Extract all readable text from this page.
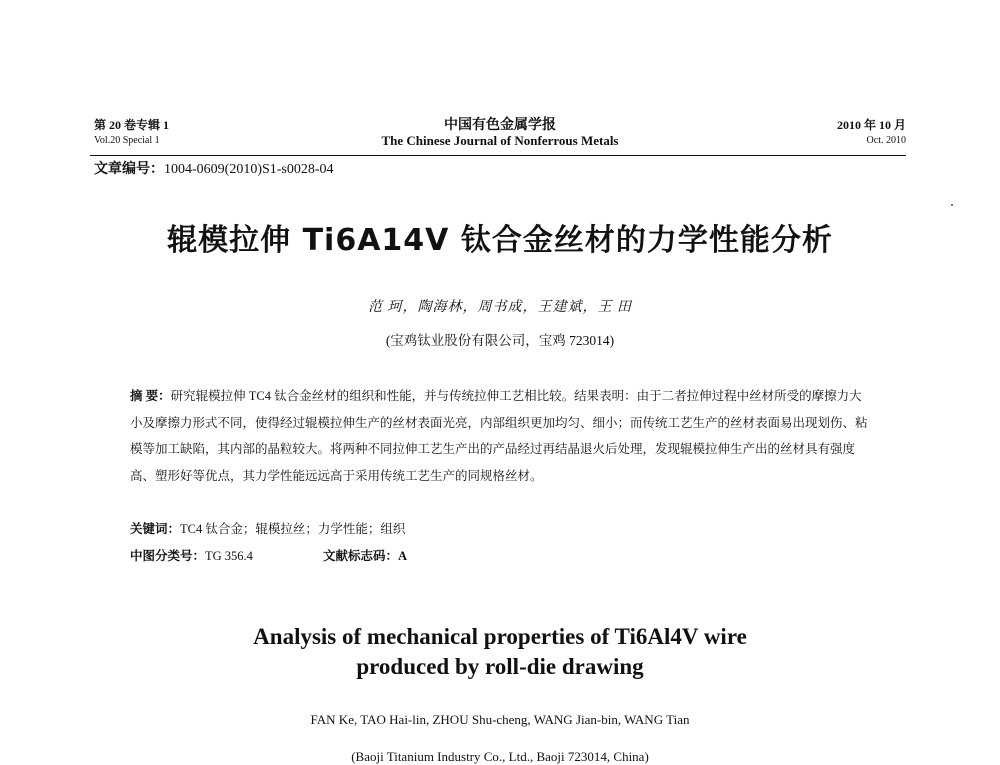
第 20 卷专辑 1
Vol.20 Special 1
中国有色金属学报
The Chinese Journal of Nonferrous Metals
2010 年 10 月
Oct. 2010
文章编号：1004-0609(2010)S1-s0028-04
辊模拉伸 Ti6A14V 钛合金丝材的力学性能分析
范 珂，陶海林，周书成，王建斌，王 田
(宝鸡钛业股份有限公司，宝鸡 723014)
摘 要：研究辊模拉伸 TC4 钛合金丝材的组织和性能，并与传统拉伸工艺相比较。结果表明：由于二者拉伸过程中丝材所受的摩擦力大小及摩擦力形式不同，使得经过辊模拉伸生产的丝材表面光亮，内部组织更加均匀、细小；而传统工艺生产的丝材表面易出现划伤、粘模等加工缺陷，其内部的晶粒较大。将两种不同拉伸工艺生产出的产品经过再结晶退火后处理，发现辊模拉伸生产出的丝材具有强度高、塑形好等优点，其力学性能远远高于采用传统工艺生产的同规格丝材。
关键词：TC4 钛合金；辊模拉丝；力学性能；组织
中图分类号：TG 356.4	文献标志码：A
Analysis of mechanical properties of Ti6Al4V wire
produced by roll-die drawing
FAN Ke, TAO Hai-lin, ZHOU Shu-cheng, WANG Jian-bin, WANG Tian
(Baoji Titanium Industry Co., Ltd., Baoji 723014, China)
